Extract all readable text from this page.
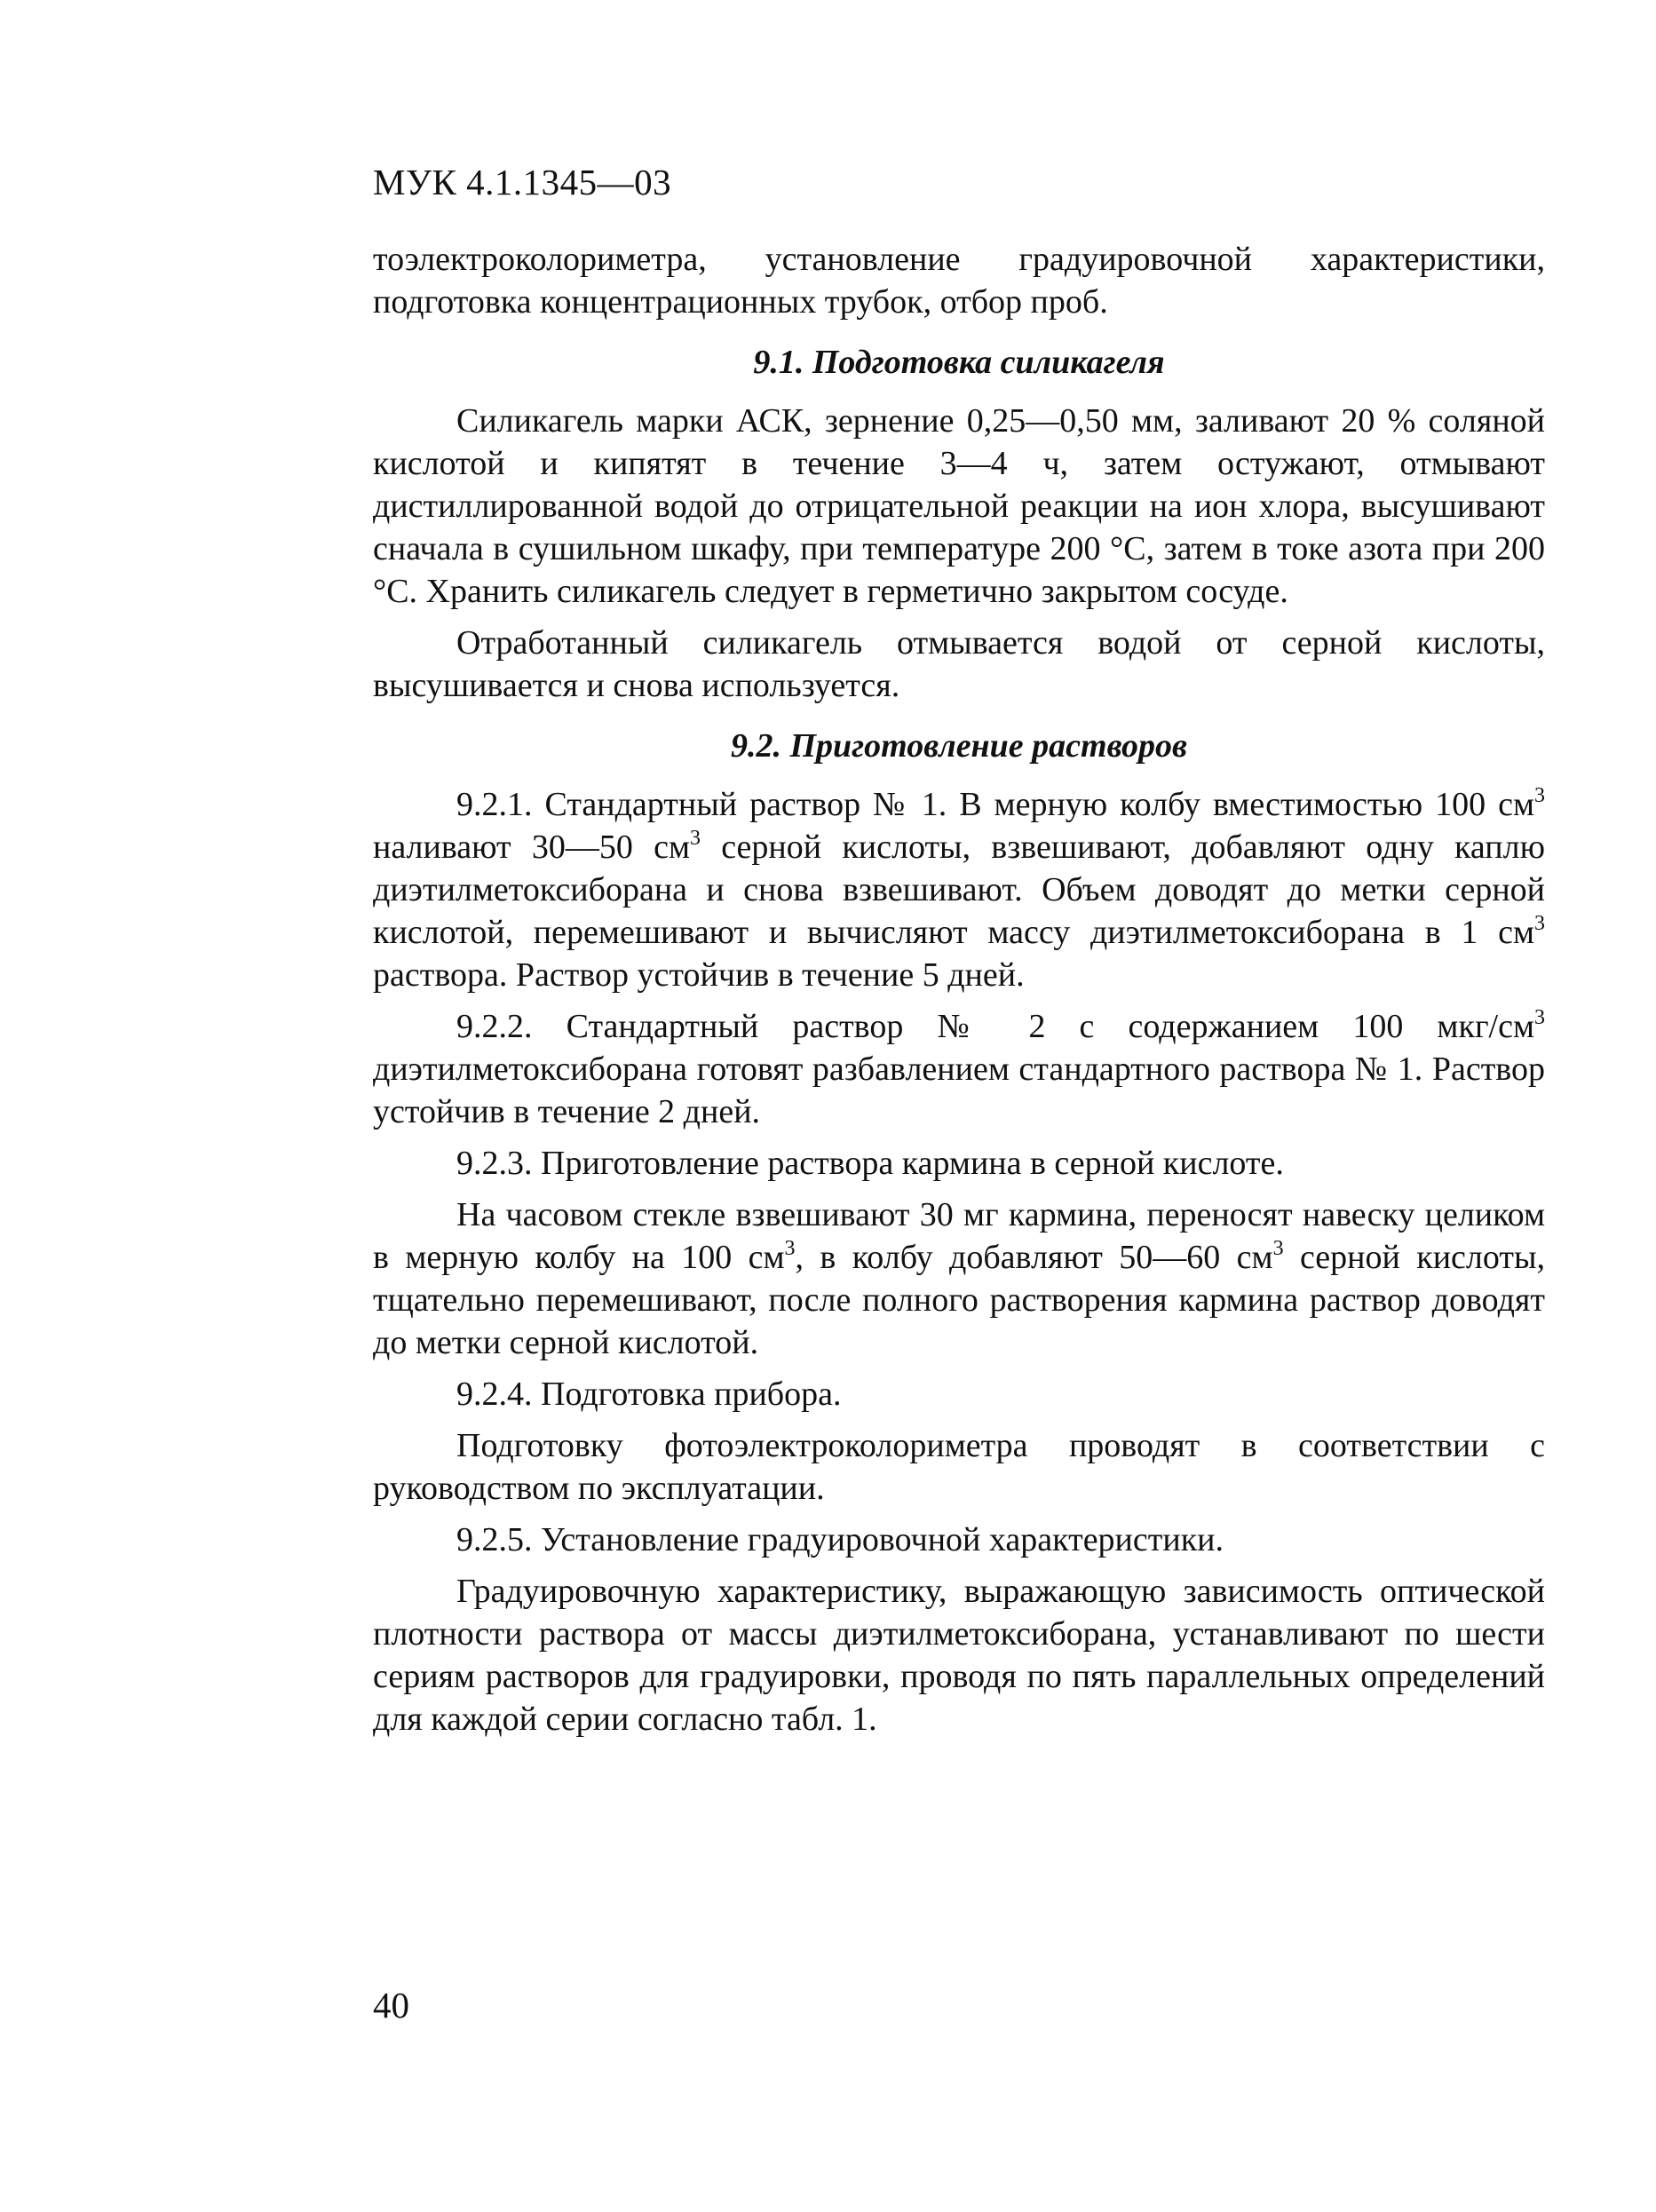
МУК 4.1.1345—03

тоэлектроколориметра, установление градуировочной характеристики, подготовка концентрационных трубок, отбор проб.

9.1. Подготовка силикагеля

Силикагель марки АСК, зернение 0,25—0,50 мм, заливают 20 % соляной кислотой и кипятят в течение 3—4 ч, затем остужают, отмывают дистиллированной водой до отрицательной реакции на ион хлора, высушивают сначала в сушильном шкафу, при температуре 200 °С, затем в токе азота при 200 °С. Хранить силикагель следует в герметично закрытом сосуде.

Отработанный силикагель отмывается водой от серной кислоты, высушивается и снова используется.

9.2. Приготовление растворов

9.2.1. Стандартный раствор № 1. В мерную колбу вместимостью 100 $см^3$ наливают 30—50 $см^3$ серной кислоты, взвешивают, добавляют одну каплю диэтилметоксиборана и снова взвешивают. Объем доводят до метки серной кислотой, перемешивают и вычисляют массу диэтилметоксиборана в 1 $см^3$ раствора. Раствор устойчив в течение 5 дней.

9.2.2. Стандартный раствор № 2 с содержанием 100 мкг/$см^3$ диэтилметоксиборана готовят разбавлением стандартного раствора № 1. Раствор устойчив в течение 2 дней.

9.2.3. Приготовление раствора кармина в серной кислоте.

На часовом стекле взвешивают 30 мг кармина, переносят навеску целиком в мерную колбу на 100 $см^3$, в колбу добавляют 50—60 $см^3$ серной кислоты, тщательно перемешивают, после полного растворения кармина раствор доводят до метки серной кислотой.

9.2.4. Подготовка прибора.

Подготовку фотоэлектроколориметра проводят в соответствии с руководством по эксплуатации.

9.2.5. Установление градуировочной характеристики.

Градуировочную характеристику, выражающую зависимость оптической плотности раствора от массы диэтилметоксиборана, устанавливают по шести сериям растворов для градуировки, проводя по пять параллельных определений для каждой серии согласно табл. 1.

40
